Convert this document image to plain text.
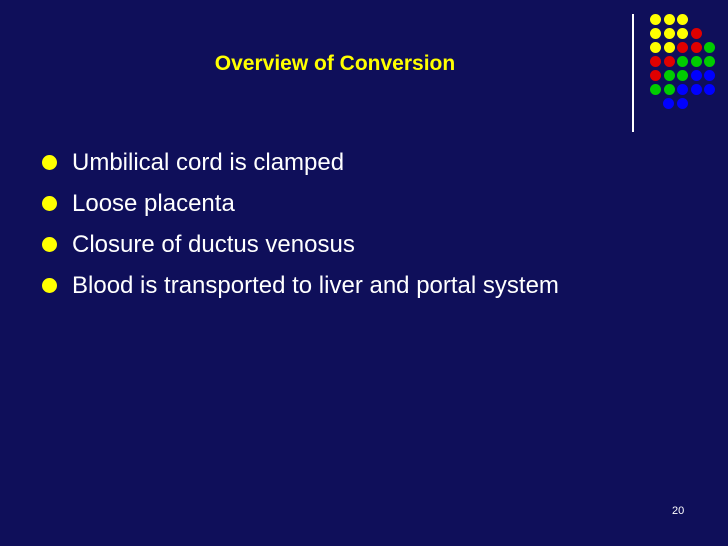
Overview of Conversion
Umbilical cord is clamped
Loose placenta
Closure of ductus venosus
Blood is transported to liver and portal system
20
